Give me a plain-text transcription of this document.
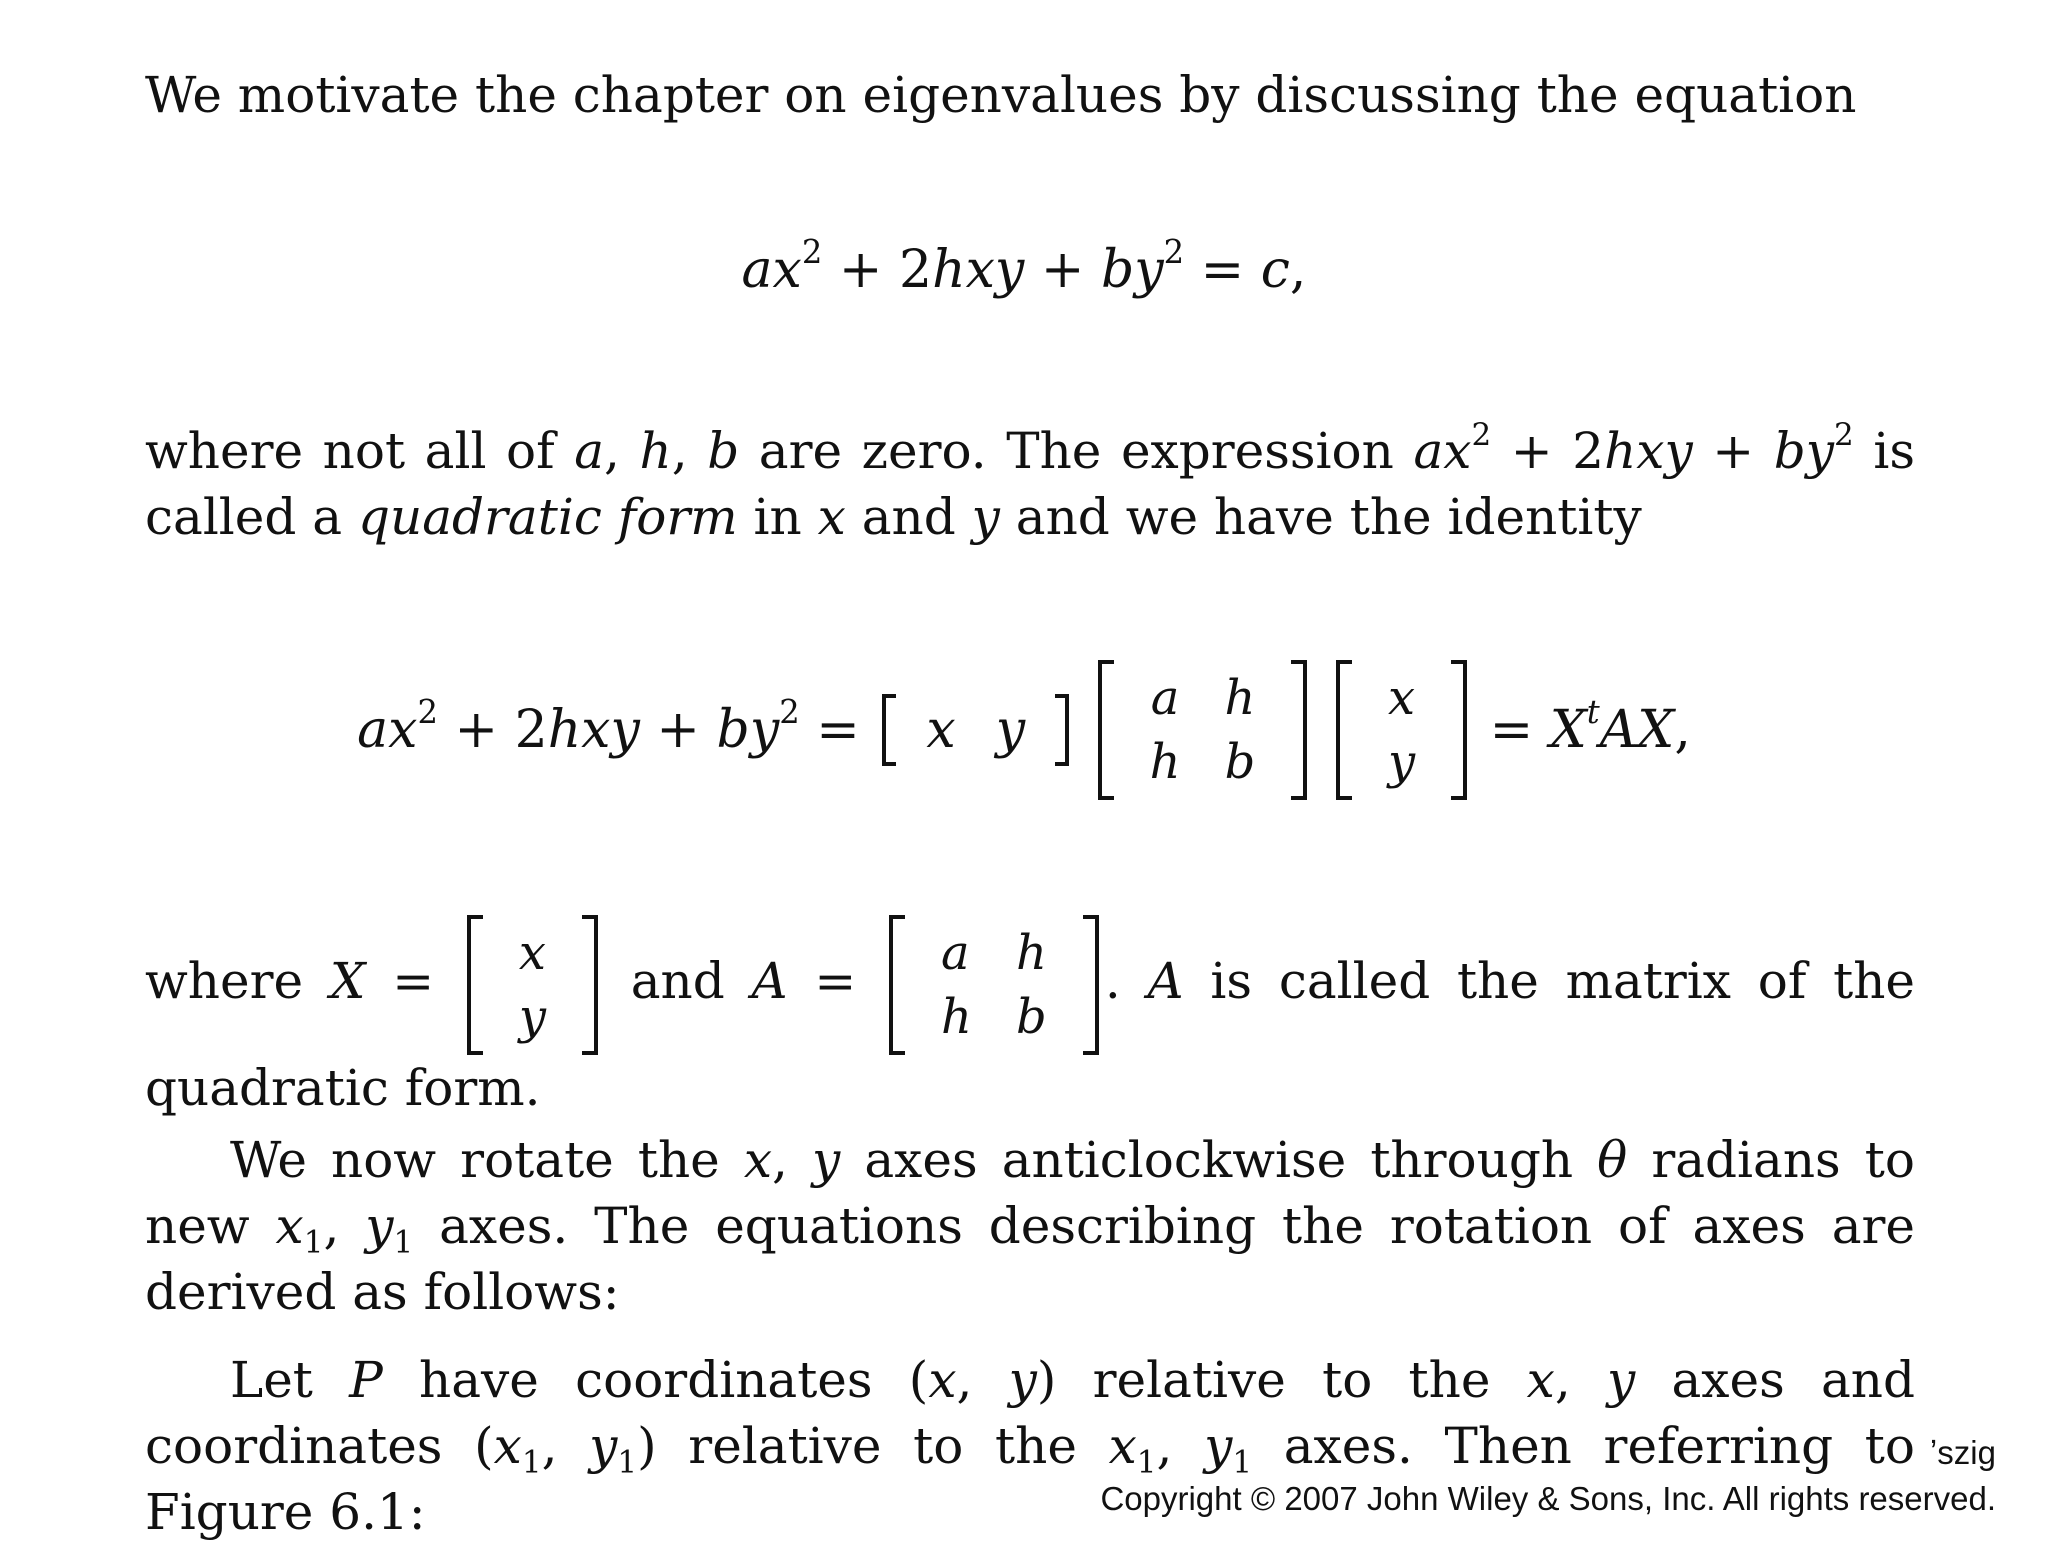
We motivate the chapter on eigenvalues by discussing the equation

$ax^2 + 2hxy + by^2 = c$,

where not all of a, h, b are zero. The expression $ax^2 + 2hxy + by^2$ is called a quadratic form in x and y and we have the identity

$ax^2 + 2hxy + by^2 = x$ y
a	h
h	b

x
y
= $X^tAX$,
where X = x
y
and A = a	h
h	b
. A is called the matrix of the quadratic form.

We now rotate the x, y axes anticlockwise through θ radians to new $x_1$, $y_1$ axes. The equations describing the rotation of axes are derived as follows:

Let P have coordinates (x, y) relative to the x, y axes and coordinates ($x_1$, $y_1$) relative to the $x_1$, $y_1$ axes. Then referring to Figure 6.1:

ʼszig
Copyright © 2007 John Wiley & Sons, Inc. All rights reserved.
